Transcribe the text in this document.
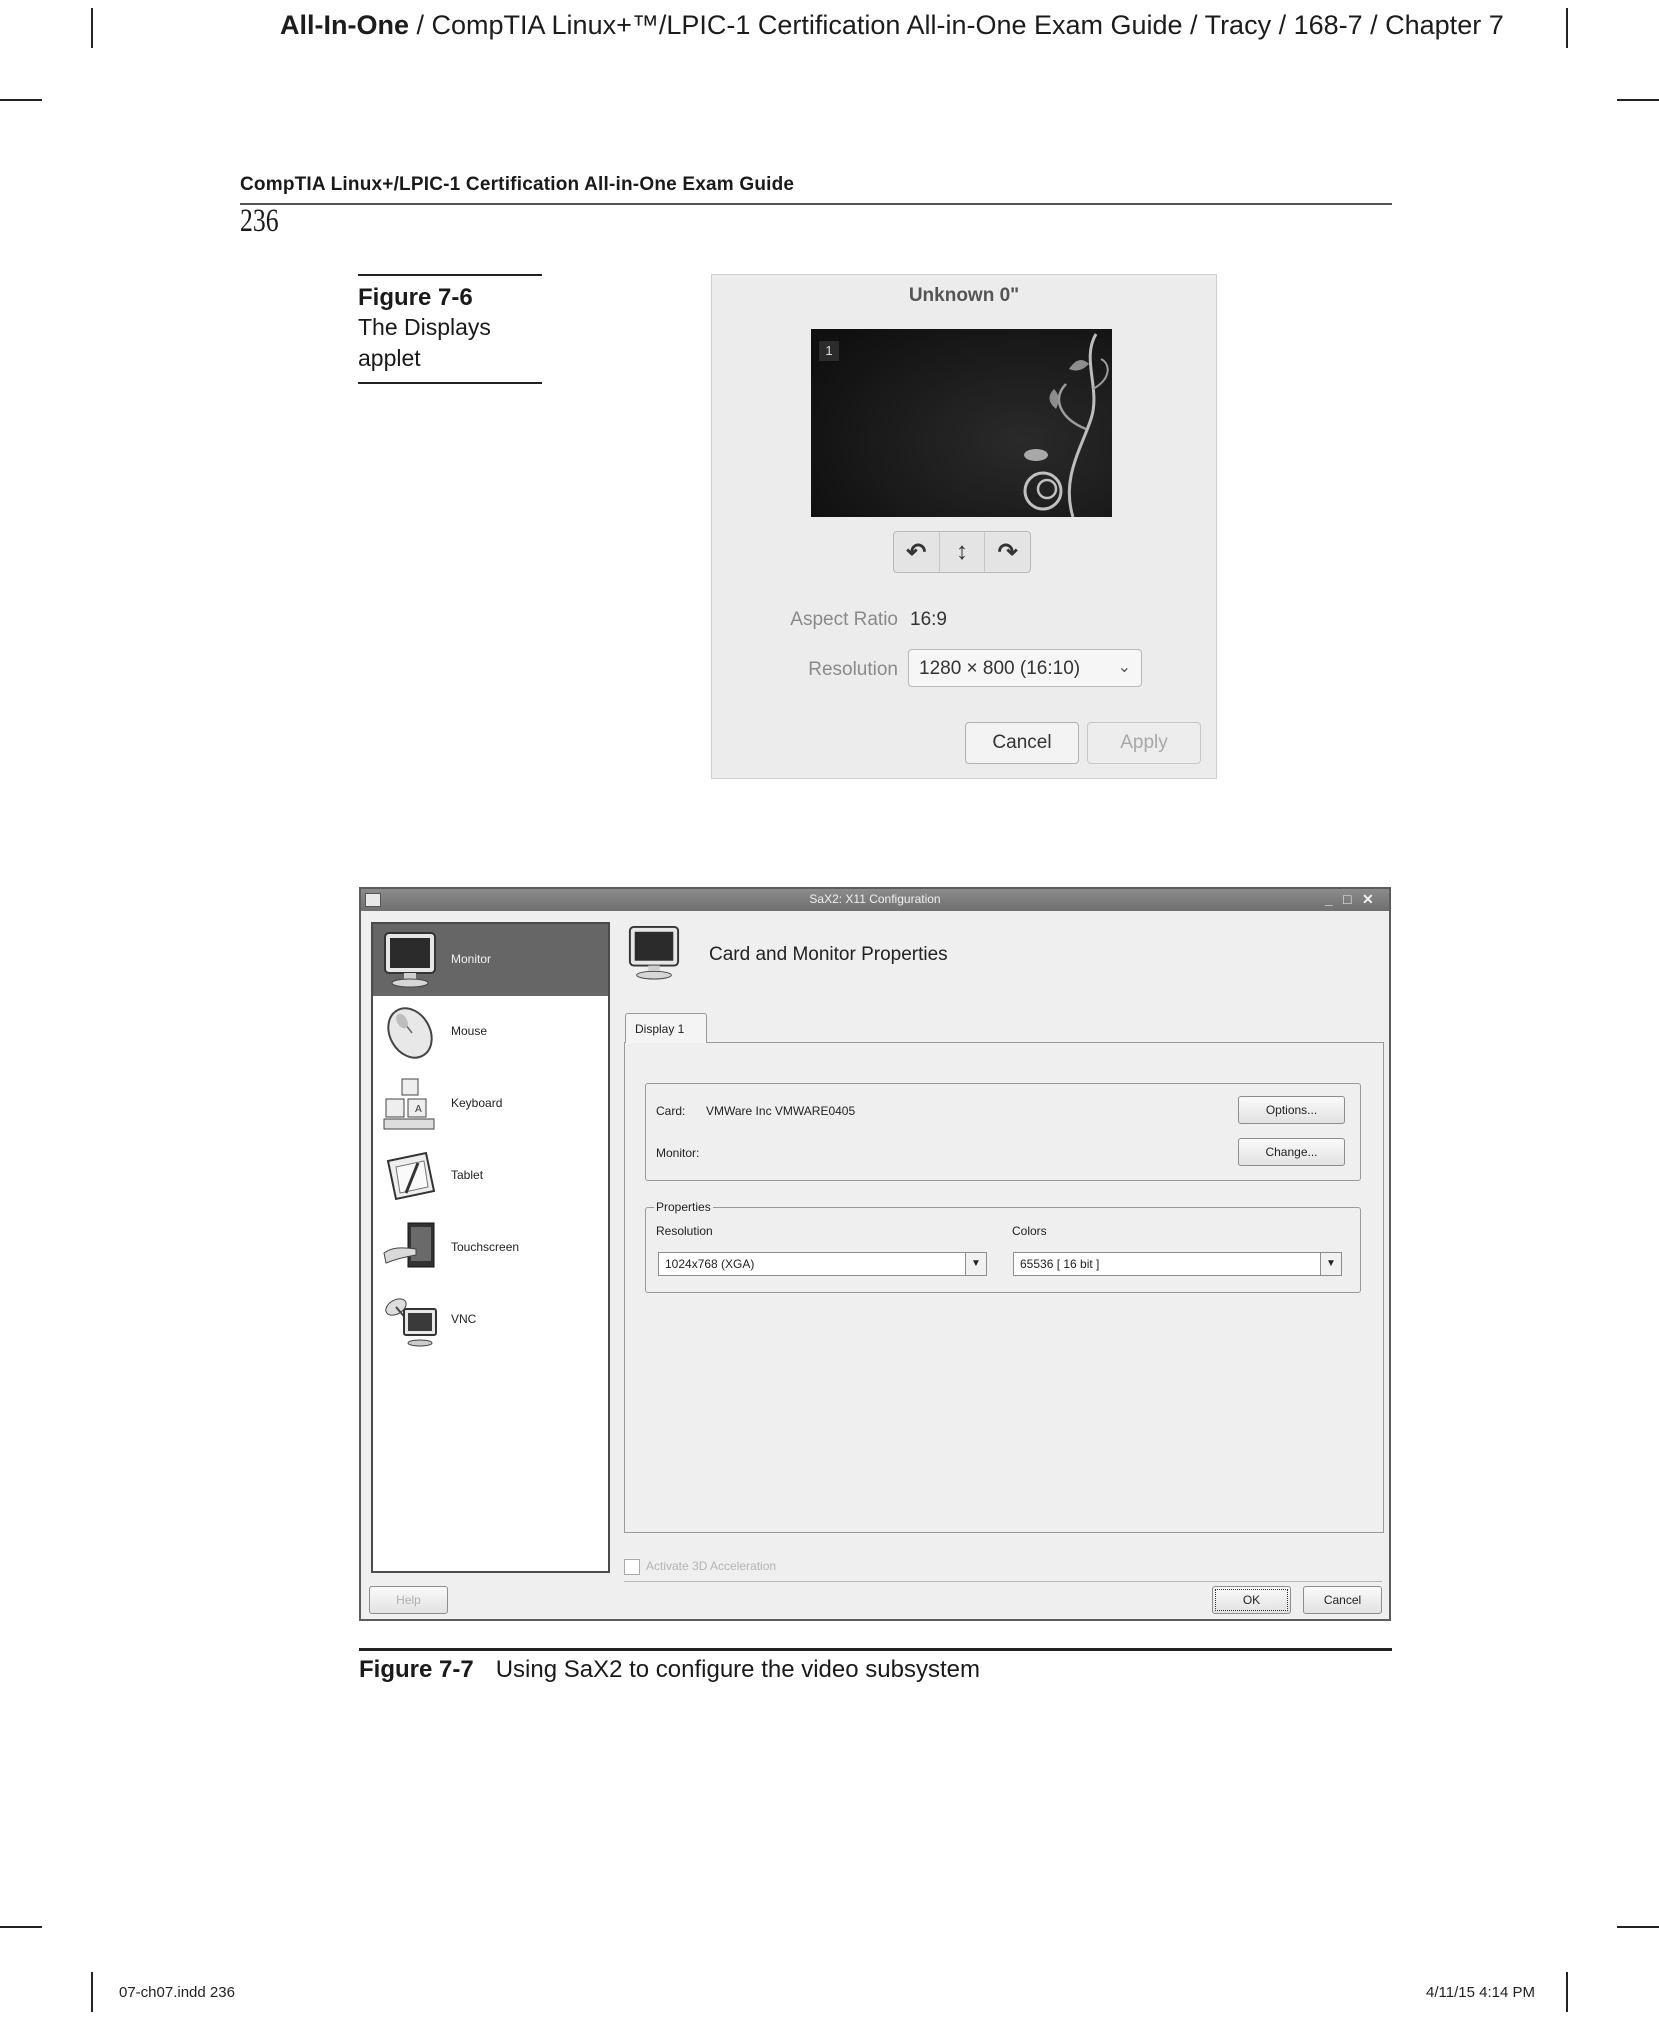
All-In-One / CompTIA Linux+™/LPIC-1 Certification All-in-One Exam Guide / Tracy / 168-7 / Chapter 7
CompTIA Linux+/LPIC-1 Certification All-in-One Exam Guide
236
Figure 7-6
The Displays applet
Unknown 0"
1
↶	↕	↷
Aspect Ratio 16:9
Resolution	1280 × 800 (16:10) ⌄
Cancel	Apply
SaX2: X11 Configuration	_ □ ✕
Monitor
Mouse
A Keyboard
Tablet
Touchscreen
VNC
Card and Monitor Properties
Card: VMWare Inc VMWARE0405	Options...
Monitor:	Change...
Properties
Resolution
1024x768 (XGA)	▼
Colors
65536 [ 16 bit ]	▼
Display 1
Activate 3D Acceleration
Help	OK	Cancel
Figure 7-7 Using SaX2 to configure the video subsystem
07-ch07.indd 236	4/11/15 4:14 PM
